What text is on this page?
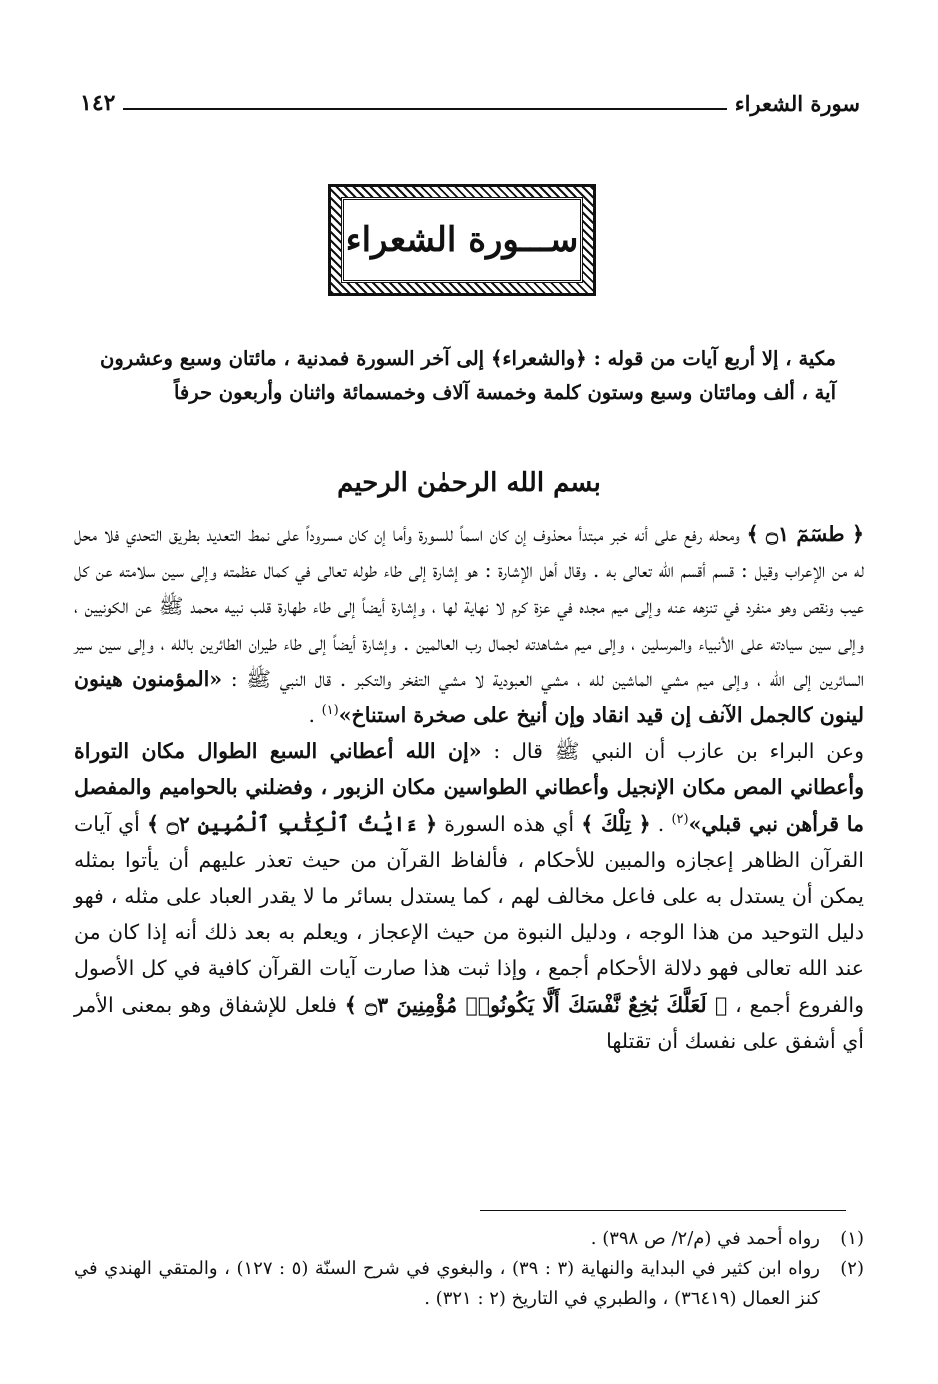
سورة الشعراء
١٤٢
ســـورة الشعراء
مكية ، إلا أربع آيات من قوله : ﴿والشعراء﴾ إلى آخر السورة فمدنية ، مائتان وسبع وعشرون آية ، ألف ومائتان وسبع وستون كلمة وخمسة آلاف وخمسمائة واثنان وأربعون حرفاً
بسم الله الرحمٰن الرحيم

﴿ طسٓمٓ ۝١ ﴾ ومحله رفع على أنه خبر مبتدأ محذوف إن كان اسماً للسورة وأما إن كان مسروداً على نمط التعديد بطريق التحدي فلا محل له من الإعراب وقيل : قسم أقسم الله تعالى به . وقال أهل الإشارة : هو إشارة إلى طاء طوله تعالى في كمال عظمته وإلى سين سلامته عن كل عيب ونقص وهو منفرد في تنزهه عنه وإلى ميم مجده في عزة كرم لا نهاية لها ، وإشارة أيضاً إلى طاء طهارة قلب نبيه محمد ﷺ عن الكونيين ، وإلى سين سيادته على الأنبياء والمرسلين ، وإلى ميم مشاهدته لجمال رب العالمين . وإشارة أيضاً إلى طاء طيران الطائرين بالله ، وإلى سين سير السائرين إلى الله ، وإلى ميم مشي الماشين لله ، مشي العبودية لا مشي التفخر والتكبر . قال النبي ﷺ : «المؤمنون هينون لينون كالجمل الآنف إن قيد انقاد وإن أنيخ على صخرة استناخ»$^{(١)}$ .

وعن البراء بن عازب أن النبي ﷺ قال : «إن الله أعطاني السبع الطوال مكان التوراة وأعطاني المص مكان الإنجيل وأعطاني الطواسين مكان الزبور ، وفضلني بالحواميم والمفصل ما قرأهن نبي قبلي»$^{(٢)}$ . ﴿ تِلْكَ ﴾ أي هذه السورة ﴿ ءَايَٰتُ ٱلْكِتَٰبِ ٱلْمُبِينِ ۝٢ ﴾ أي آيات القرآن الظاهر إعجازه والمبين للأحكام ، فألفاظ القرآن من حيث تعذر عليهم أن يأتوا بمثله يمكن أن يستدل به على فاعل مخالف لهم ، كما يستدل بسائر ما لا يقدر العباد على مثله ، فهو دليل التوحيد من هذا الوجه ، ودليل النبوة من حيث الإعجاز ، ويعلم به بعد ذلك أنه إذا كان من عند الله تعالى فهو دلالة الأحكام أجمع ، وإذا ثبت هذا صارت آيات القرآن كافية في كل الأصول والفروع أجمع ، ﴿ لَعَلَّكَ بَٰخِعٌ نَّفْسَكَ أَلَّا يَكُونُوا۟ مُؤْمِنِينَ ۝٣ ﴾ فلعل للإشفاق وهو بمعنى الأمر أي أشفق على نفسك أن تقتلها

(١)
رواه أحمد في (م/٢/ ص ٣٩٨) .
(٢)
رواه ابن كثير في البداية والنهاية (٣ : ٣٩) ، والبغوي في شرح السنّة (٥ : ١٢٧) ، والمتقي الهندي في كنز العمال (٣٦٤١٩) ، والطبري في التاريخ (٢ : ٣٢١) .
